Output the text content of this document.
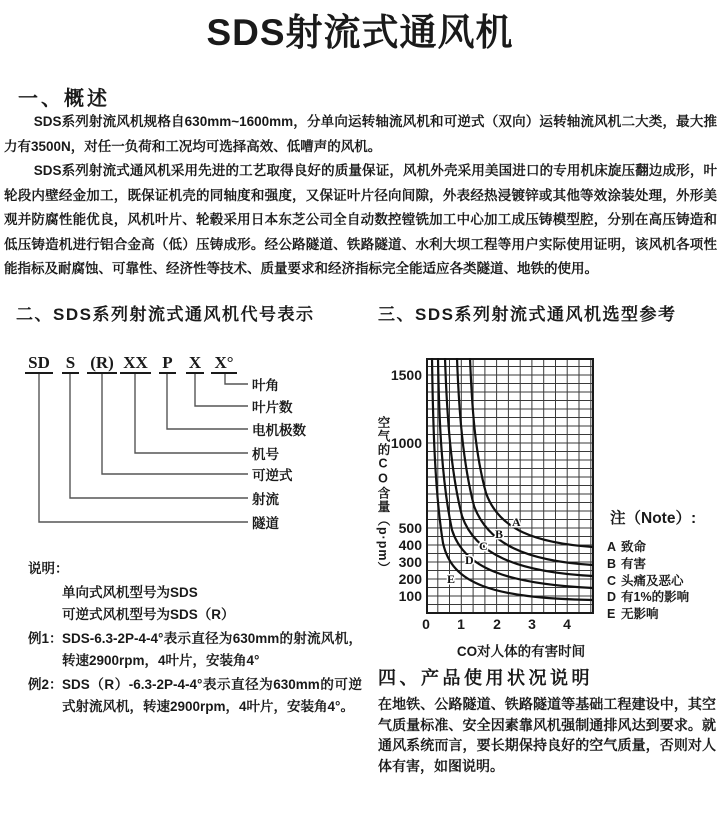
SDS射流式通风机
一、概述

SDS系列射流风机规格自630mm~1600mm，分单向运转轴流风机和可逆式（双向）运转轴流风机二大类，最大推力有3500N，对任一负荷和工况均可选择高效、低嘈声的风机。

SDS系列射流式通风机采用先进的工艺取得良好的质量保证，风机外壳采用美国进口的专用机床旋压翻边成形，叶轮段内壁经金加工，既保证机壳的同轴度和强度，又保证叶片径向间隙，外表经热浸镀锌或其他等效涂装处理，外形美观并防腐性能优良，风机叶片、轮毂采用日本东芝公司全自动数控镗铣加工中心加工成压铸模型腔，分别在高压铸造和低压铸造机进行铝合金高（低）压铸成形。经公路隧道、铁路隧道、水利大坝工程等用户实际使用证明，该风机各项性能指标及耐腐蚀、可靠性、经济性等技术、质量要求和经济指标完全能适应各类隧道、地铁的使用。

二、SDS系列射流式通风机代号表示
SD S (R) XX P X X°
叶角
叶片数
电机极数
机号
可逆式
射流
隧道
说明：
单向式风机型号为SDS
可逆式风机型号为SDS（R）
例1： SDS-6.3-2P-4-4°表示直径为630mm的射流风机，转速2900rpm，4叶片，安装角4°
例2： SDS（R）-6.3-2P-4-4°表示直径为630mm的可逆式射流风机，转速2900rpm，4叶片，安装角4°。
三、SDS系列射流式通风机选型参考
空气的CO含量（p·pm）
1500
1000
500
400
300
200
100
A
B
C
D
E
0	1	2	3	4
CO对人体的有害时间
注（Note）:
A 致命
B 有害
C 头痛及恶心
D 有1%的影响
E 无影响
四、产品使用状况说明
在地铁、公路隧道、铁路隧道等基础工程建设中，其空气质量标准、安全因素靠风机强制通排风达到要求。就通风系统而言，要长期保持良好的空气质量，否则对人体有害，如图说明。
